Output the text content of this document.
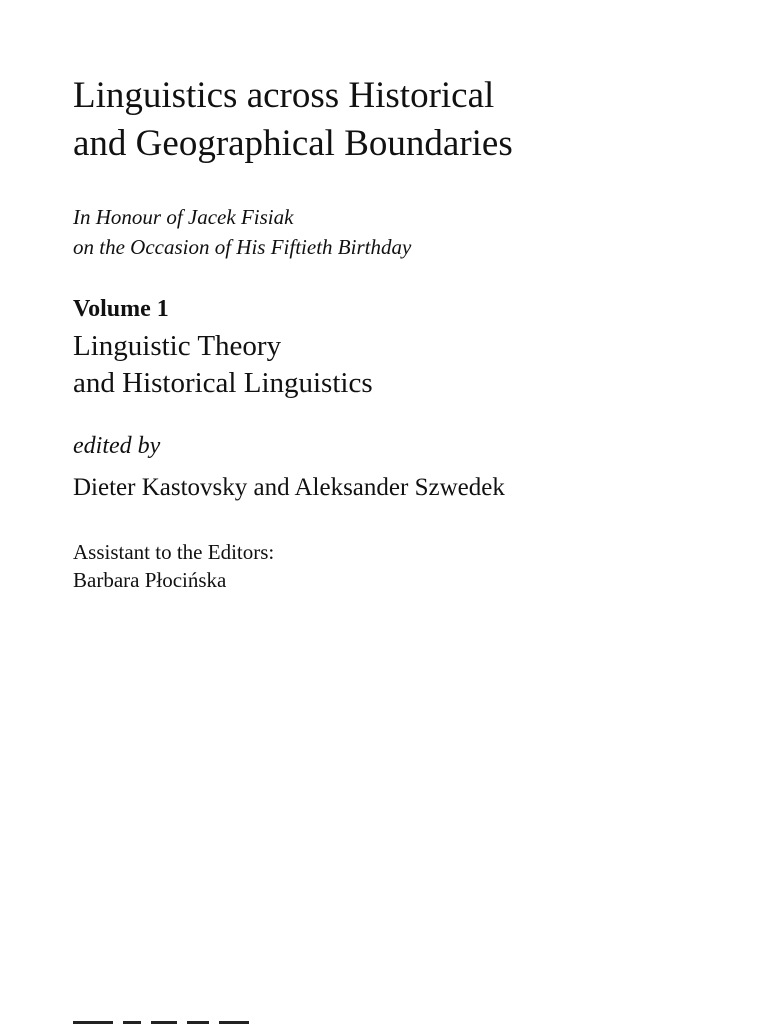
Linguistics across Historical
and Geographical Boundaries
In Honour of Jacek Fisiak
on the Occasion of His Fiftieth Birthday
Volume 1
Linguistic Theory
and Historical Linguistics
edited by
Dieter Kastovsky and Aleksander Szwedek
Assistant to the Editors:
Barbara Płocińska
